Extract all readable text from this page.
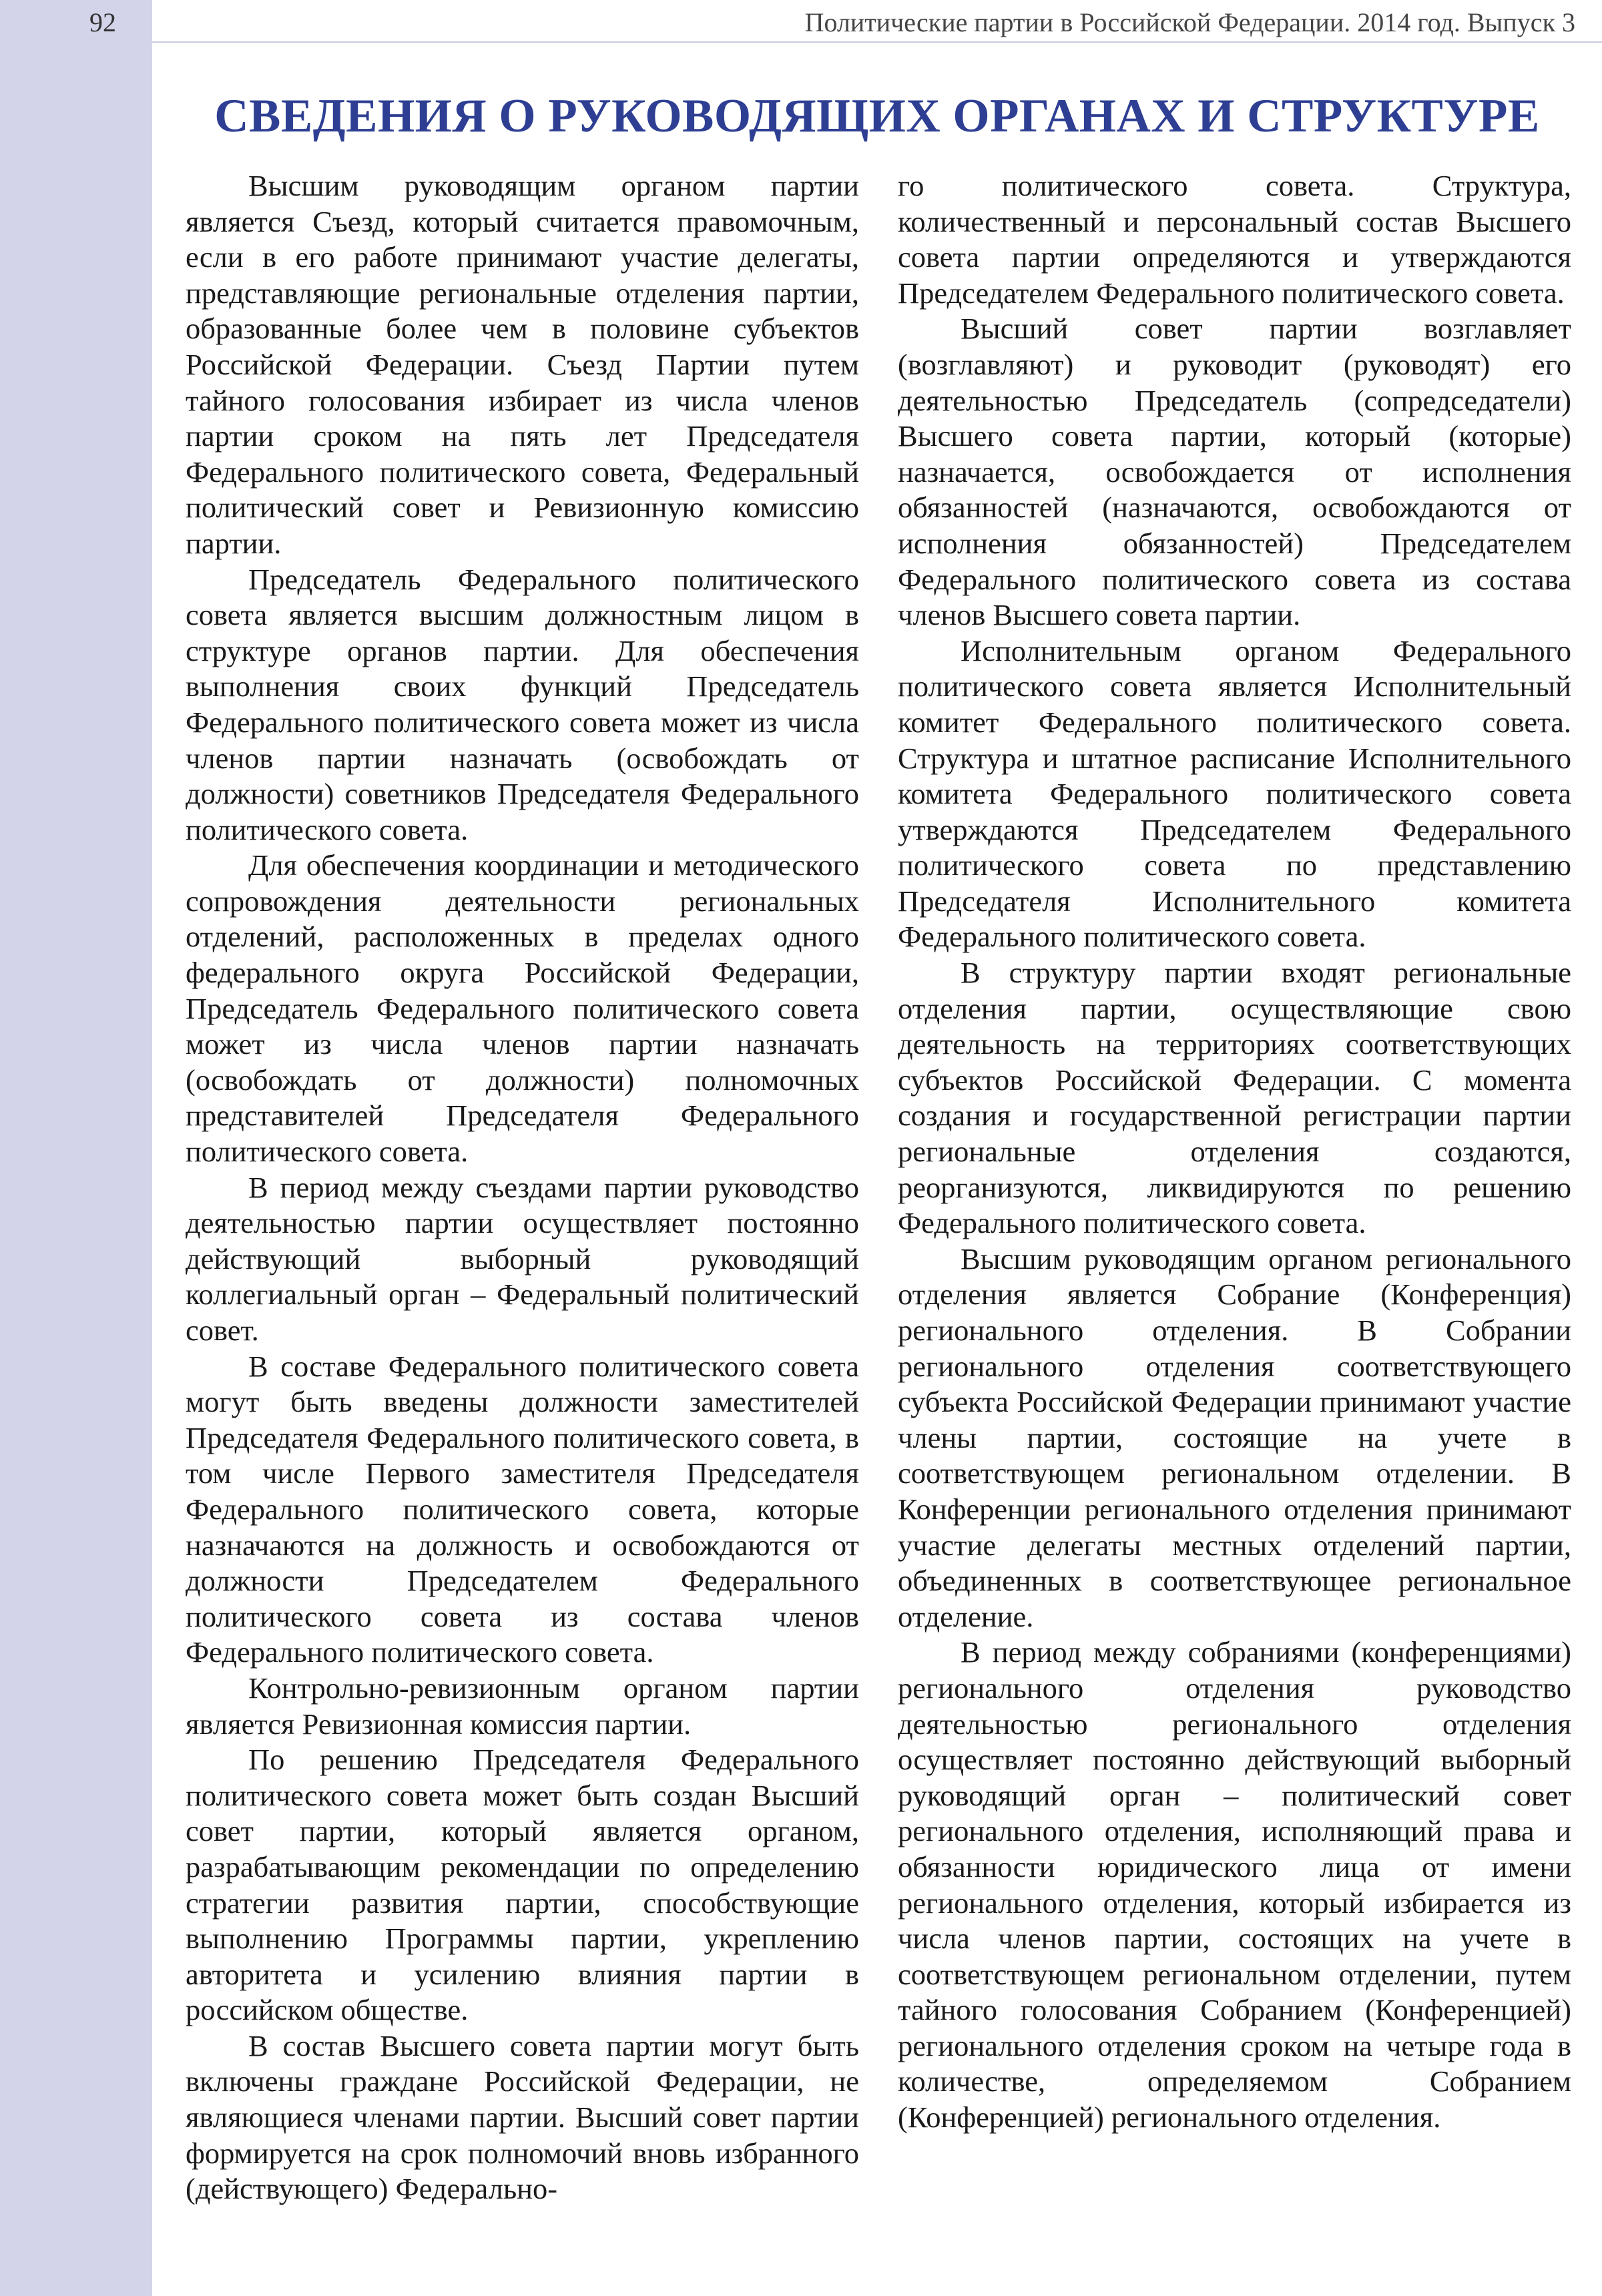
92	Политические партии в Российской Федерации. 2014 год. Выпуск 3
СВЕДЕНИЯ О РУКОВОДЯЩИХ ОРГАНАХ И СТРУКТУРЕ

Высшим руководящим органом партии является Съезд, который считается правомочным, если в его работе принимают участие делегаты, представляющие региональные отделения партии, образованные более чем в половине субъектов Российской Федерации. Съезд Партии путем тайного голосования избирает из числа членов партии сроком на пять лет Председателя Федерального политического совета, Федеральный политический совет и Ревизионную комиссию партии.

Председатель Федерального политического совета является высшим должностным лицом в структуре органов партии. Для обеспечения выполнения своих функций Председатель Федерального политического совета может из числа членов партии назначать (освобождать от должности) советников Председателя Федерального политического совета.

Для обеспечения координации и методического сопровождения деятельности региональных отделений, расположенных в пределах одного федерального округа Российской Федерации, Председатель Федерального политического совета может из числа членов партии назначать (освобождать от должности) полномочных представителей Председателя Федерального политического совета.

В период между съездами партии руководство деятельностью партии осуществляет постоянно действующий выборный руководящий коллегиальный орган – Федеральный политический совет.

В составе Федерального политического совета могут быть введены должности заместителей Председателя Федерального политического совета, в том числе Первого заместителя Председателя Федерального политического совета, которые назначаются на должность и освобождаются от должности Председателем Федерального политического совета из состава членов Федерального политического совета.

Контрольно-ревизионным органом партии является Ревизионная комиссия партии.

По решению Председателя Федерального политического совета может быть создан Высший совет партии, который является органом, разрабатывающим рекомендации по определению стратегии развития партии, способствующие выполнению Программы партии, укреплению авторитета и усилению влияния партии в российском обществе.

В состав Высшего совета партии могут быть включены граждане Российской Федерации, не являющиеся членами партии. Высший совет партии формируется на срок полномочий вновь избранного (действующего) Федерально-

го политического совета. Структура, количественный и персональный состав Высшего совета партии определяются и утверждаются Председателем Федерального политического совета.

Высший совет партии возглавляет (возглавляют) и руководит (руководят) его деятельностью Председатель (сопредседатели) Высшего совета партии, который (которые) назначается, освобождается от исполнения обязанностей (назначаются, освобождаются от исполнения обязанностей) Председателем Федерального политического совета из состава членов Высшего совета партии.

Исполнительным органом Федерального политического совета является Исполнительный комитет Федерального политического совета. Структура и штатное расписание Исполнительного комитета Федерального политического совета утверждаются Председателем Федерального политического совета по представлению Председателя Исполнительного комитета Федерального политического совета.

В структуру партии входят региональные отделения партии, осуществляющие свою деятельность на территориях соответствующих субъектов Российской Федерации. С момента создания и государственной регистрации партии региональные отделения создаются, реорганизуются, ликвидируются по решению Федерального политического совета.

Высшим руководящим органом регионального отделения является Собрание (Конференция) регионального отделения. В Собрании регионального отделения соответствующего субъекта Российской Федерации принимают участие члены партии, состоящие на учете в соответствующем региональном отделении. В Конференции регионального отделения принимают участие делегаты местных отделений партии, объединенных в соответствующее региональное отделение.

В период между собраниями (конференциями) регионального отделения руководство деятельностью регионального отделения осуществляет постоянно действующий выборный руководящий орган – политический совет регионального отделения, исполняющий права и обязанности юридического лица от имени регионального отделения, который избирается из числа членов партии, состоящих на учете в соответствующем региональном отделении, путем тайного голосования Собранием (Конференцией) регионального отделения сроком на четыре года в количестве, определяемом Собранием (Конференцией) регионального отделения.
